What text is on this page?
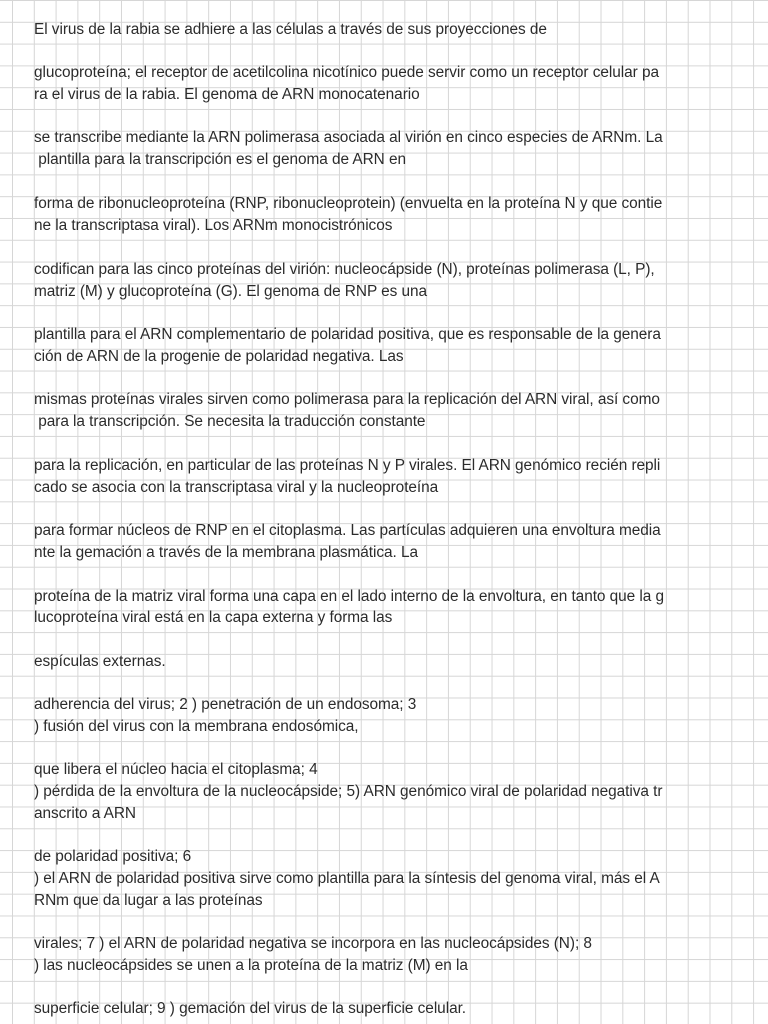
El virus de la rabia se adhiere a las células a través de sus proyecciones de
glucoproteína; el receptor de acetilcolina nicotínico puede servir como un receptor celular pa
ra el virus de la rabia. El genoma de ARN monocatenario
se transcribe mediante la ARN polimerasa asociada al virión en cinco especies de ARNm. La
plantilla para la transcripción es el genoma de ARN en
forma de ribonucleoproteína (RNP, ribonucleoprotein) (envuelta en la proteína N y que contie
ne la transcriptasa viral). Los ARNm monocistrónicos
codifican para las cinco proteínas del virión: nucleocápside (N), proteínas polimerasa (L, P),
matriz (M) y glucoproteína (G). El genoma de RNP es una
plantilla para el ARN complementario de polaridad positiva, que es responsable de la genera
ción de ARN de la progenie de polaridad negativa. Las
mismas proteínas virales sirven como polimerasa para la replicación del ARN viral, así como
para la transcripción. Se necesita la traducción constante
para la replicación, en particular de las proteínas N y P virales. El ARN genómico recién repli
cado se asocia con la transcriptasa viral y la nucleoproteína
para formar núcleos de RNP en el citoplasma. Las partículas adquieren una envoltura media
nte la gemación a través de la membrana plasmática. La
proteína de la matriz viral forma una capa en el lado interno de la envoltura, en tanto que la g
lucoproteína viral está en la capa externa y forma las
espículas externas.
adherencia del virus; 2 ) penetración de un endosoma; 3
) fusión del virus con la membrana endosómica,
que libera el núcleo hacia el citoplasma; 4
) pérdida de la envoltura de la nucleocápside; 5) ARN genómico viral de polaridad negativa tr
anscrito a ARN
de polaridad positiva; 6
) el ARN de polaridad positiva sirve como plantilla para la síntesis del genoma viral, más el A
RNm que da lugar a las proteínas
virales; 7 ) el ARN de polaridad negativa se incorpora en las nucleocápsides (N); 8
) las nucleocápsides se unen a la proteína de la matriz (M) en la
superficie celular; 9 ) gemación del virus de la superficie celular.
